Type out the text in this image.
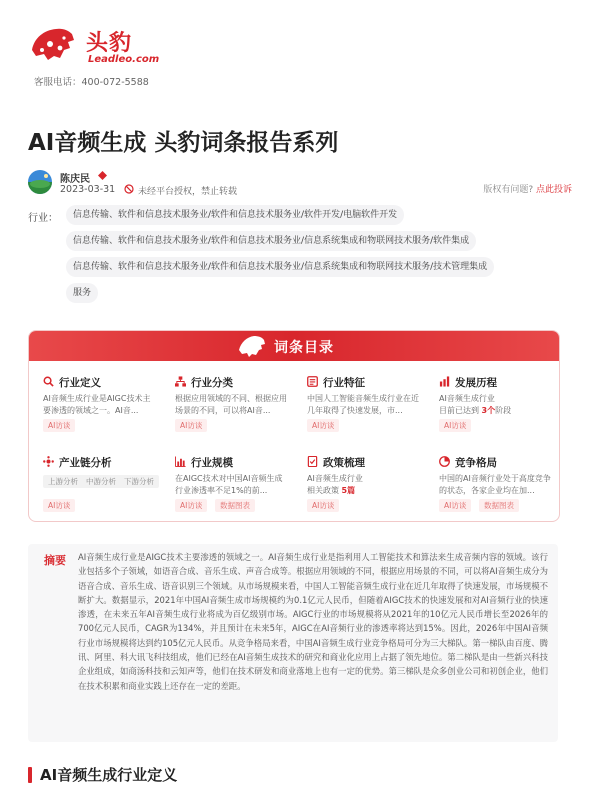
头豹
Leadleo.com
客服电话：400-072-5588
AI音频生成 头豹词条报告系列
陈庆民
2023-03-31	未经平台授权，禁止转载	版权有问题? 点此投诉
行业：	信息传输、软件和信息技术服务业/软件和信息技术服务业/软件开发/电脑软件开发
信息传输、软件和信息技术服务业/软件和信息技术服务业/信息系统集成和物联网技术服务/软件集成
信息传输、软件和信息技术服务业/软件和信息技术服务业/信息系统集成和物联网技术服务/技术管理集成
服务
词条目录
行业定义
AI音频生成行业是AIGC技术主要渗透的领域之一。AI音...
AI访谈
行业分类
根据应用领域的不同、根据应用场景的不同，可以将AI音...
AI访谈
行业特征
中国人工智能音频生成行业在近几年取得了快速发展，市...
AI访谈
发展历程
AI音频生成行业
目前已达到 3个阶段
AI访谈
产业链分析
上游分析	中游分析	下游分析
AI访谈
行业规模
在AIGC技术对中国AI音频生成行业渗透率不足1%的前...
AI访谈	数据图表
政策梳理
AI音频生成行业
相关政策 5篇
AI访谈
竞争格局
中国的AI音频行业处于高度竞争的状态，各家企业均在加...
AI访谈	数据图表
摘要 AI音频生成行业是AIGC技术主要渗透的领域之一。AI音频生成行业是指利用人工智能技术和算法来生成音频内容的领域。该行业包括多个子领域，如语音合成、音乐生成、声音合成等。根据应用领域的不同，根据应用场景的不同，可以将AI音频生成分为语音合成、音乐生成、语音识别三个领域。从市场规模来看，中国人工智能音频生成行业在近几年取得了快速发展，市场规模不断扩大。数据显示，2021年中国AI音频生成市场规模约为0.1亿元人民币，但随着AIGC技术的快速发展和对AI音频行业的快速渗透，在未来五年AI音频生成行业将成为百亿级别市场。AIGC行业的市场规模将从2021年的10亿元人民币增长至2026年的700亿元人民币，CAGR为134%，并且预计在未来5年，AIGC在AI音频行业的渗透率将达到15%。因此，2026年中国AI音频行业市场规模将达到约105亿元人民币。从竞争格局来看，中国AI音频生成行业竞争格局可分为三大梯队。第一梯队由百度、腾讯、阿里、科大讯飞科技组成，他们已经在AI音频生成技术的研究和商业化应用上占据了领先地位。第二梯队是由一些新兴科技企业组成，如商汤科技和云知声等，他们在技术研发和商业落地上也有一定的优势。第三梯队是众多创业公司和初创企业，他们在技术积累和商业实践上还存在一定的差距。
AI音频生成行业定义
